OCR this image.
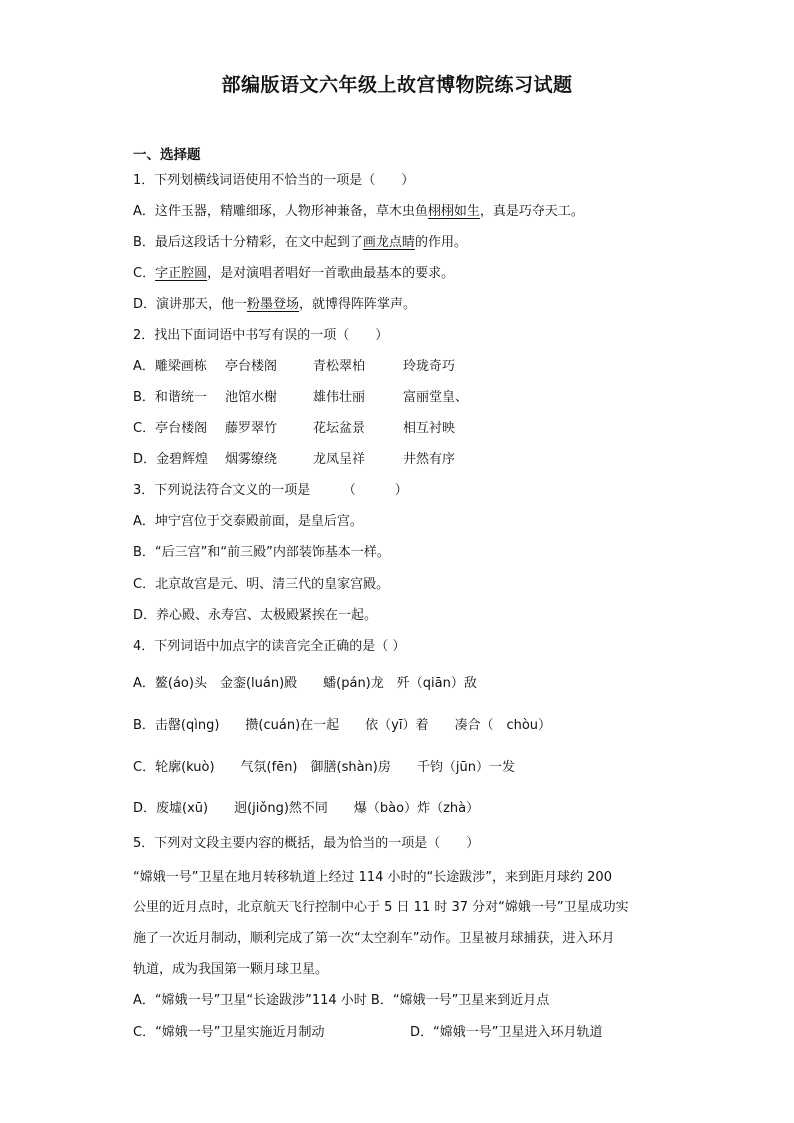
部编版语文六年级上故宫博物院练习试题
一、选择题
1．下列划横线词语使用不恰当的一项是（　　）
A．这件玉器，精雕细琢，人物形神兼备，草木虫鱼栩栩如生，真是巧夺天工。
B．最后这段话十分精彩，在文中起到了画龙点睛的作用。
C．字正腔圆，是对演唱者唱好一首歌曲最基本的要求。
D．演讲那天，他一粉墨登场，就博得阵阵掌声。
2．找出下面词语中书写有误的一项（　　）
A．雕梁画栋 亭台楼阁	青松翠柏	玲珑奇巧
B．和谐统一 池馆水榭	雄伟壮丽	富丽堂皇、
C．亭台楼阁 藤罗翠竹	花坛盆景	相互衬映
D．金碧辉煌 烟雾缭绕	龙凤呈祥	井然有序
3．下列说法符合文义的一项是　　　（　　　）
A．坤宁宫位于交泰殿前面，是皇后宫。
B．“后三宫”和“前三殿”内部装饰基本一样。
C．北京故宫是元、明、清三代的皇家宫殿。
D．养心殿、永寿宫、太极殿紧挨在一起。
4．下列词语中加点字的读音完全正确的是（ ）
A．鳌(áo)头　金銮(luán)殿　　蟠(pán)龙　歼（qiān）敌
B．击罄(qìng)　　攒(cuán)在一起　　依（yī）着　　凑合（　chòu）
C．轮廓(kuò)　　气氛(fēn)　御膳(shàn)房　　千钧（jūn）一发
D．废墟(xū)　　迥(jiǒng)然不同　　爆（bào）炸（zhà）
5．下列对文段主要内容的概括，最为恰当的一项是（　　）
“嫦娥一号”卫星在地月转移轨道上经过 114 小时的“长途跋涉”，来到距月球约 200
公里的近月点时，北京航天飞行控制中心于 5 日 11 时 37 分对“嫦娥一号”卫星成功实
施了一次近月制动，顺利完成了第一次“太空刹车”动作。卫星被月球捕获，进入环月
轨道，成为我国第一颗月球卫星。
A．“嫦娥一号”卫星“长途跋涉”114 小时 B．“嫦娥一号”卫星来到近月点
C．“嫦娥一号”卫星实施近月制动	D．“嫦娥一号”卫星进入环月轨道
